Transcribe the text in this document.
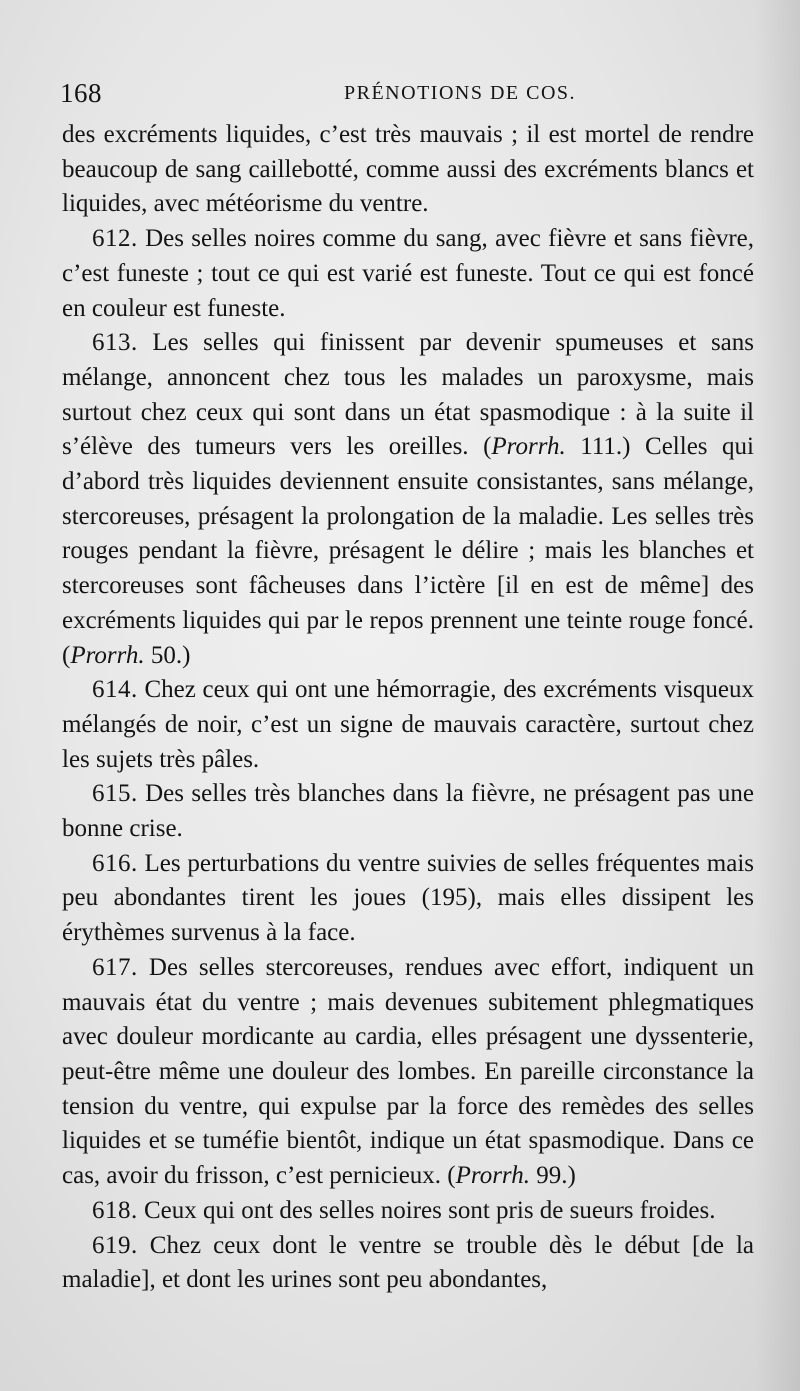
168	PRÉNOTIONS DE COS.

des excréments liquides, c’est très mauvais ; il est mortel de rendre beaucoup de sang caillebotté, comme aussi des excréments blancs et liquides, avec météorisme du ventre.

612. Des selles noires comme du sang, avec fièvre et sans fièvre, c’est funeste ; tout ce qui est varié est funeste. Tout ce qui est foncé en couleur est funeste.

613. Les selles qui finissent par devenir spumeuses et sans mélange, annoncent chez tous les malades un paroxysme, mais surtout chez ceux qui sont dans un état spasmodique : à la suite il s’élève des tumeurs vers les oreilles. (Prorrh. 111.) Celles qui d’abord très liquides deviennent ensuite consistantes, sans mélange, stercoreuses, présagent la prolongation de la maladie. Les selles très rouges pendant la fièvre, présagent le délire ; mais les blanches et stercoreuses sont fâcheuses dans l’ictère [il en est de même] des excréments liquides qui par le repos prennent une teinte rouge foncé. (Prorrh. 50.)

614. Chez ceux qui ont une hémorragie, des excréments visqueux mélangés de noir, c’est un signe de mauvais caractère, surtout chez les sujets très pâles.

615. Des selles très blanches dans la fièvre, ne présagent pas une bonne crise.

616. Les perturbations du ventre suivies de selles fréquentes mais peu abondantes tirent les joues (195), mais elles dissipent les érythèmes survenus à la face.

617. Des selles stercoreuses, rendues avec effort, indiquent un mauvais état du ventre ; mais devenues subitement phlegmatiques avec douleur mordicante au cardia, elles présagent une dyssenterie, peut-être même une douleur des lombes. En pareille circonstance la tension du ventre, qui expulse par la force des remèdes des selles liquides et se tuméfie bientôt, indique un état spasmodique. Dans ce cas, avoir du frisson, c’est pernicieux. (Prorrh. 99.)

618. Ceux qui ont des selles noires sont pris de sueurs froides.

619. Chez ceux dont le ventre se trouble dès le début [de la maladie], et dont les urines sont peu abondantes,
